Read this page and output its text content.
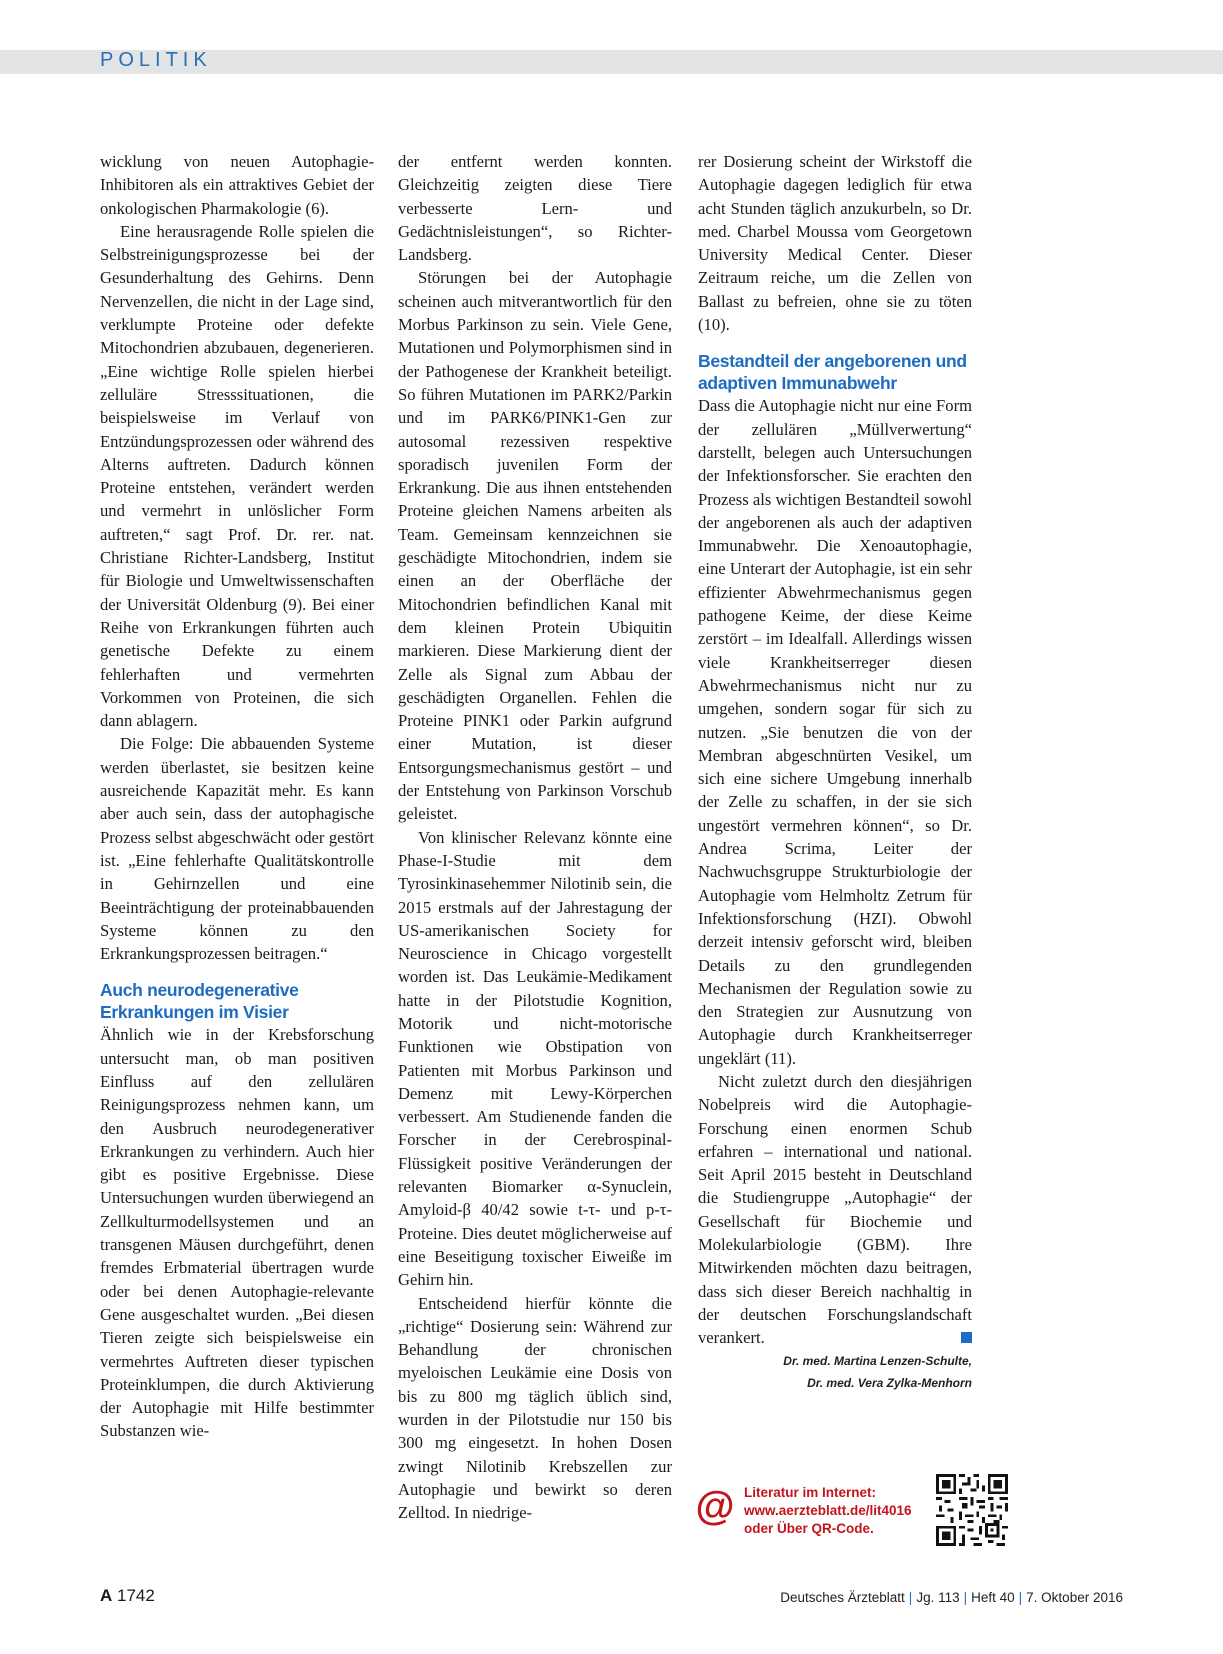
POLITIK

wicklung von neuen Autophagie-Inhibitoren als ein attraktives Gebiet der onkologischen Pharmakologie (6).

Eine herausragende Rolle spielen die Selbstreinigungsprozesse bei der Gesunderhaltung des Gehirns. Denn Nervenzellen, die nicht in der Lage sind, verklumpte Proteine oder defekte Mitochondrien abzubauen, degenerieren. „Eine wichtige Rolle spielen hierbei zelluläre Stresssituationen, die beispielsweise im Verlauf von Entzündungsprozessen oder während des Alterns auftreten. Dadurch können Proteine entstehen, verändert werden und vermehrt in unlöslicher Form auftreten,“ sagt Prof. Dr. rer. nat. Christiane Richter-Landsberg, Institut für Biologie und Umweltwissenschaften der Universität Oldenburg (9). Bei einer Reihe von Erkrankungen führten auch genetische Defekte zu einem fehlerhaften und vermehrten Vorkommen von Proteinen, die sich dann ablagern.

Die Folge: Die abbauenden Systeme werden überlastet, sie besitzen keine ausreichende Kapazität mehr. Es kann aber auch sein, dass der autophagische Prozess selbst abgeschwächt oder gestört ist. „Eine fehlerhafte Qualitätskontrolle in Gehirnzellen und eine Beeinträchtigung der proteinabbauenden Systeme können zu den Erkrankungsprozessen beitragen.“

Auch neurodegenerative Erkrankungen im Visier

Ähnlich wie in der Krebsforschung untersucht man, ob man positiven Einfluss auf den zellulären Reinigungsprozess nehmen kann, um den Ausbruch neurodegenerativer Erkrankungen zu verhindern. Auch hier gibt es positive Ergebnisse. Diese Untersuchungen wurden überwiegend an Zellkulturmodellsystemen und an transgenen Mäusen durchgeführt, denen fremdes Erbmaterial übertragen wurde oder bei denen Autophagie-relevante Gene ausgeschaltet wurden. „Bei diesen Tieren zeigte sich beispielsweise ein vermehrtes Auftreten dieser typischen Proteinklumpen, die durch Aktivierung der Autophagie mit Hilfe bestimmter Substanzen wie-

der entfernt werden konnten. Gleichzeitig zeigten diese Tiere verbesserte Lern- und Gedächtnisleistungen“, so Richter-Landsberg.

Störungen bei der Autophagie scheinen auch mitverantwortlich für den Morbus Parkinson zu sein. Viele Gene, Mutationen und Polymorphismen sind in der Pathogenese der Krankheit beteiligt. So führen Mutationen im PARK2/Parkin und im PARK6/PINK1-Gen zur autosomal rezessiven respektive sporadisch juvenilen Form der Erkrankung. Die aus ihnen entstehenden Proteine gleichen Namens arbeiten als Team. Gemeinsam kennzeichnen sie geschädigte Mitochondrien, indem sie einen an der Oberfläche der Mitochondrien befindlichen Kanal mit dem kleinen Protein Ubiquitin markieren. Diese Markierung dient der Zelle als Signal zum Abbau der geschädigten Organellen. Fehlen die Proteine PINK1 oder Parkin aufgrund einer Mutation, ist dieser Entsorgungsmechanismus gestört – und der Entstehung von Parkinson Vorschub geleistet.

Von klinischer Relevanz könnte eine Phase-I-Studie mit dem Tyrosinkinasehemmer Nilotinib sein, die 2015 erstmals auf der Jahrestagung der US-amerikanischen Society for Neuroscience in Chicago vorgestellt worden ist. Das Leukämie-Medikament hatte in der Pilotstudie Kognition, Motorik und nicht-motorische Funktionen wie Obstipation von Patienten mit Morbus Parkinson und Demenz mit Lewy-Körperchen verbessert. Am Studienende fanden die Forscher in der Cerebrospinal-Flüssigkeit positive Veränderungen der relevanten Biomarker α-Synuclein, Amyloid-β 40/42 sowie t-τ- und p-τ-Proteine. Dies deutet möglicherweise auf eine Beseitigung toxischer Eiweiße im Gehirn hin.

Entscheidend hierfür könnte die „richtige“ Dosierung sein: Während zur Behandlung der chronischen myeloischen Leukämie eine Dosis von bis zu 800 mg täglich üblich sind, wurden in der Pilotstudie nur 150 bis 300 mg eingesetzt. In hohen Dosen zwingt Nilotinib Krebszellen zur Autophagie und bewirkt so deren Zelltod. In niedrige-

rer Dosierung scheint der Wirkstoff die Autophagie dagegen lediglich für etwa acht Stunden täglich anzukurbeln, so Dr. med. Charbel Moussa vom Georgetown University Medical Center. Dieser Zeitraum reiche, um die Zellen von Ballast zu befreien, ohne sie zu töten (10).

Bestandteil der angeborenen und adaptiven Immunabwehr

Dass die Autophagie nicht nur eine Form der zellulären „Müllverwertung“ darstellt, belegen auch Untersuchungen der Infektionsforscher. Sie erachten den Prozess als wichtigen Bestandteil sowohl der angeborenen als auch der adaptiven Immunabwehr. Die Xenoautophagie, eine Unterart der Autophagie, ist ein sehr effizienter Abwehrmechanismus gegen pathogene Keime, der diese Keime zerstört – im Idealfall. Allerdings wissen viele Krankheitserreger diesen Abwehrmechanismus nicht nur zu umgehen, sondern sogar für sich zu nutzen. „Sie benutzen die von der Membran abgeschnürten Vesikel, um sich eine sichere Umgebung innerhalb der Zelle zu schaffen, in der sie sich ungestört vermehren können“, so Dr. Andrea Scrima, Leiter der Nachwuchsgruppe Strukturbiologie der Autophagie vom Helmholtz Zetrum für Infektionsforschung (HZI). Obwohl derzeit intensiv geforscht wird, bleiben Details zu den grundlegenden Mechanismen der Regulation sowie zu den Strategien zur Ausnutzung von Autophagie durch Krankheitserreger ungeklärt (11).

Nicht zuletzt durch den diesjährigen Nobelpreis wird die Autophagie-Forschung einen enormen Schub erfahren – international und national. Seit April 2015 besteht in Deutschland die Studiengruppe „Autophagie“ der Gesellschaft für Biochemie und Molekularbiologie (GBM). Ihre Mitwirkenden möchten dazu beitragen, dass sich dieser Bereich nachhaltig in der deutschen Forschungslandschaft verankert.

Dr. med. Martina Lenzen-Schulte,
Dr. med. Vera Zylka-Menhorn
@ Literatur im Internet:
www.aerzteblatt.de/lit4016
oder Über QR-Code.
A 1742	Deutsches Ärzteblatt | Jg. 113 | Heft 40 | 7. Oktober 2016
